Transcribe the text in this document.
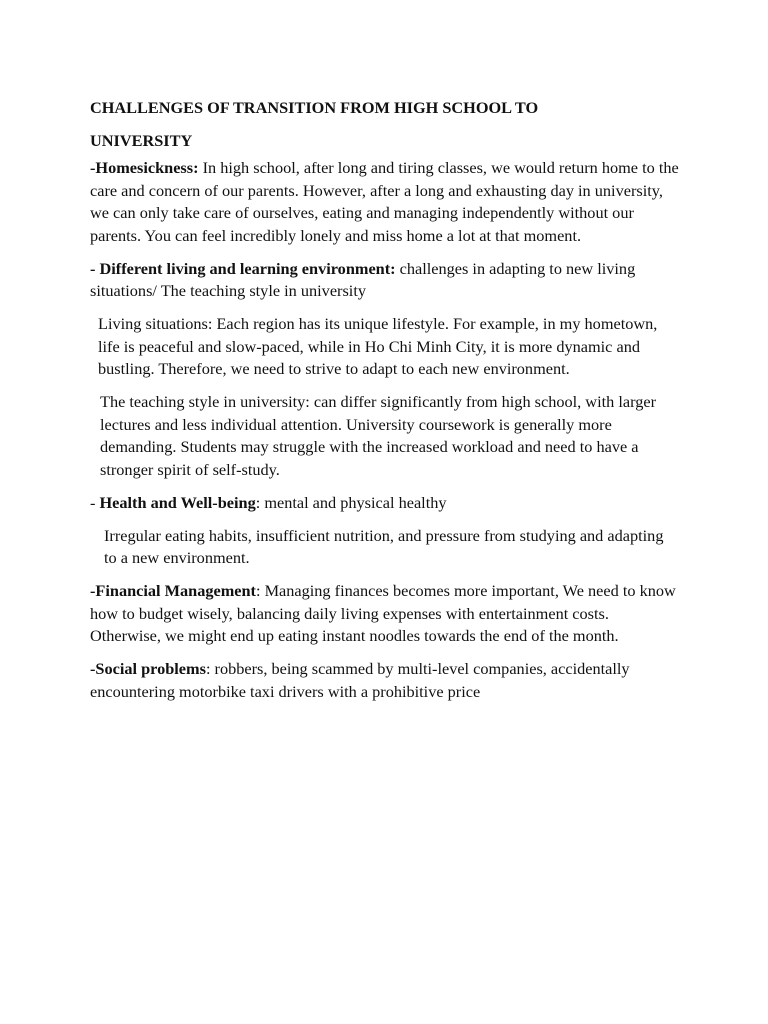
CHALLENGES OF TRANSITION FROM HIGH SCHOOL TO
UNIVERSITY

-Homesickness: In high school, after long and tiring classes, we would return home to the care and concern of our parents. However, after a long and exhausting day in university, we can only take care of ourselves, eating and managing independently without our parents. You can feel incredibly lonely and miss home a lot at that moment.

- Different living and learning environment: challenges in adapting to new living situations/ The teaching style in university

Living situations: Each region has its unique lifestyle. For example, in my hometown, life is peaceful and slow-paced, while in Ho Chi Minh City, it is more dynamic and bustling. Therefore, we need to strive to adapt to each new environment.

The teaching style in university: can differ significantly from high school, with larger lectures and less individual attention. University coursework is generally more demanding. Students may struggle with the increased workload and need to have a stronger spirit of self-study.

- Health and Well-being: mental and physical healthy

Irregular eating habits, insufficient nutrition, and pressure from studying and adapting to a new environment.

-Financial Management: Managing finances becomes more important, We need to know how to budget wisely, balancing daily living expenses with entertainment costs. Otherwise, we might end up eating instant noodles towards the end of the month.

-Social problems: robbers, being scammed by multi-level companies, accidentally encountering motorbike taxi drivers with a prohibitive price
